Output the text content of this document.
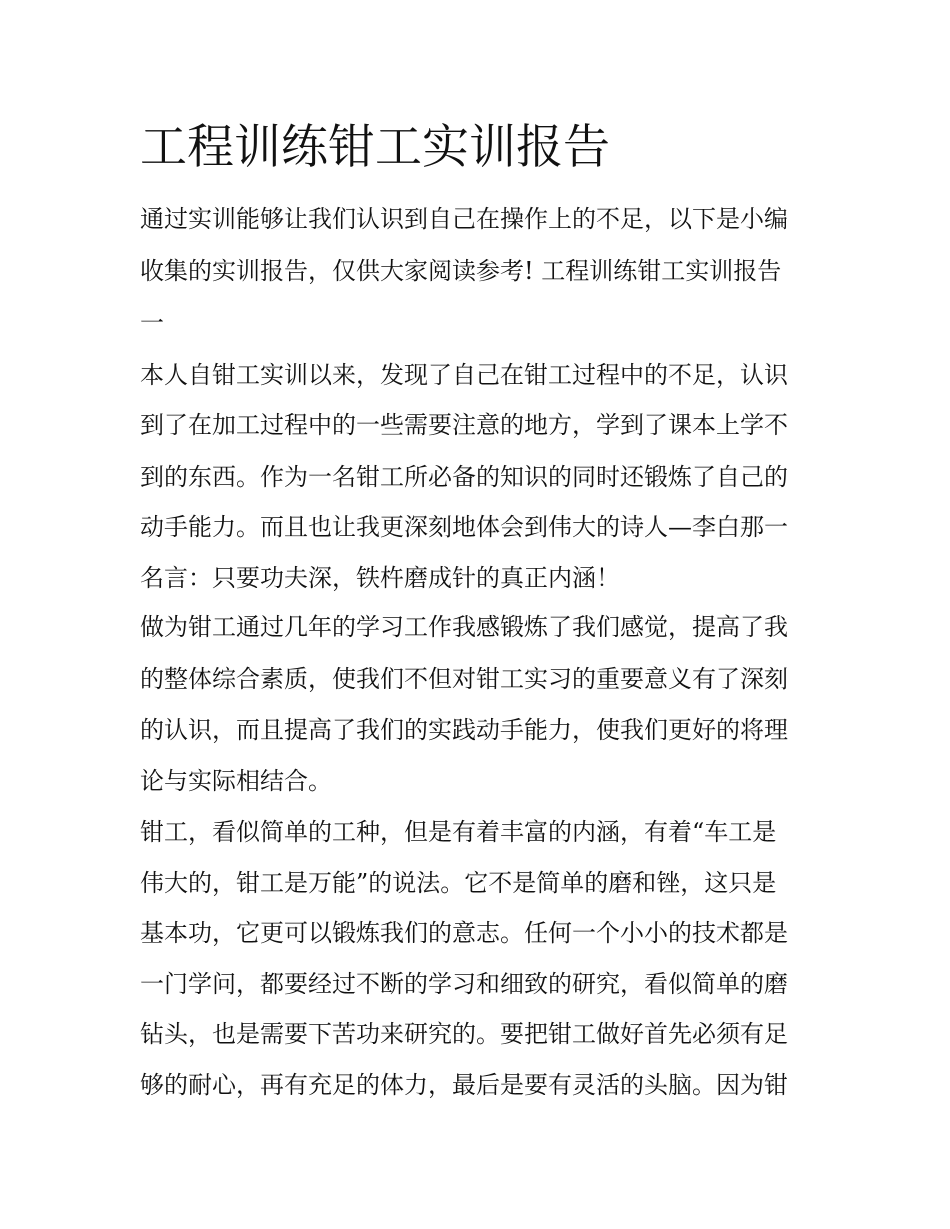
工程训练钳工实训报告

通过实训能够让我们认识到自己在操作上的不足，以下是小编

收集的实训报告，仅供大家阅读参考! 工程训练钳工实训报告

一

本人自钳工实训以来，发现了自己在钳工过程中的不足，认识

到了在加工过程中的一些需要注意的地方，学到了课本上学不

到的东西。作为一名钳工所必备的知识的同时还锻炼了自己的

动手能力。而且也让我更深刻地体会到伟大的诗人—李白那一

名言：只要功夫深，铁杵磨成针的真正内涵！

做为钳工通过几年的学习工作我感锻炼了我们感觉，提高了我

的整体综合素质，使我们不但对钳工实习的重要意义有了深刻

的认识，而且提高了我们的实践动手能力，使我们更好的将理

论与实际相结合。

钳工，看似简单的工种，但是有着丰富的内涵，有着“车工是

伟大的，钳工是万能”的说法。它不是简单的磨和锉，这只是

基本功，它更可以锻炼我们的意志。任何一个小小的技术都是

一门学问，都要经过不断的学习和细致的研究，看似简单的磨

钻头，也是需要下苦功来研究的。要把钳工做好首先必须有足

够的耐心，再有充足的体力，最后是要有灵活的头脑。因为钳
